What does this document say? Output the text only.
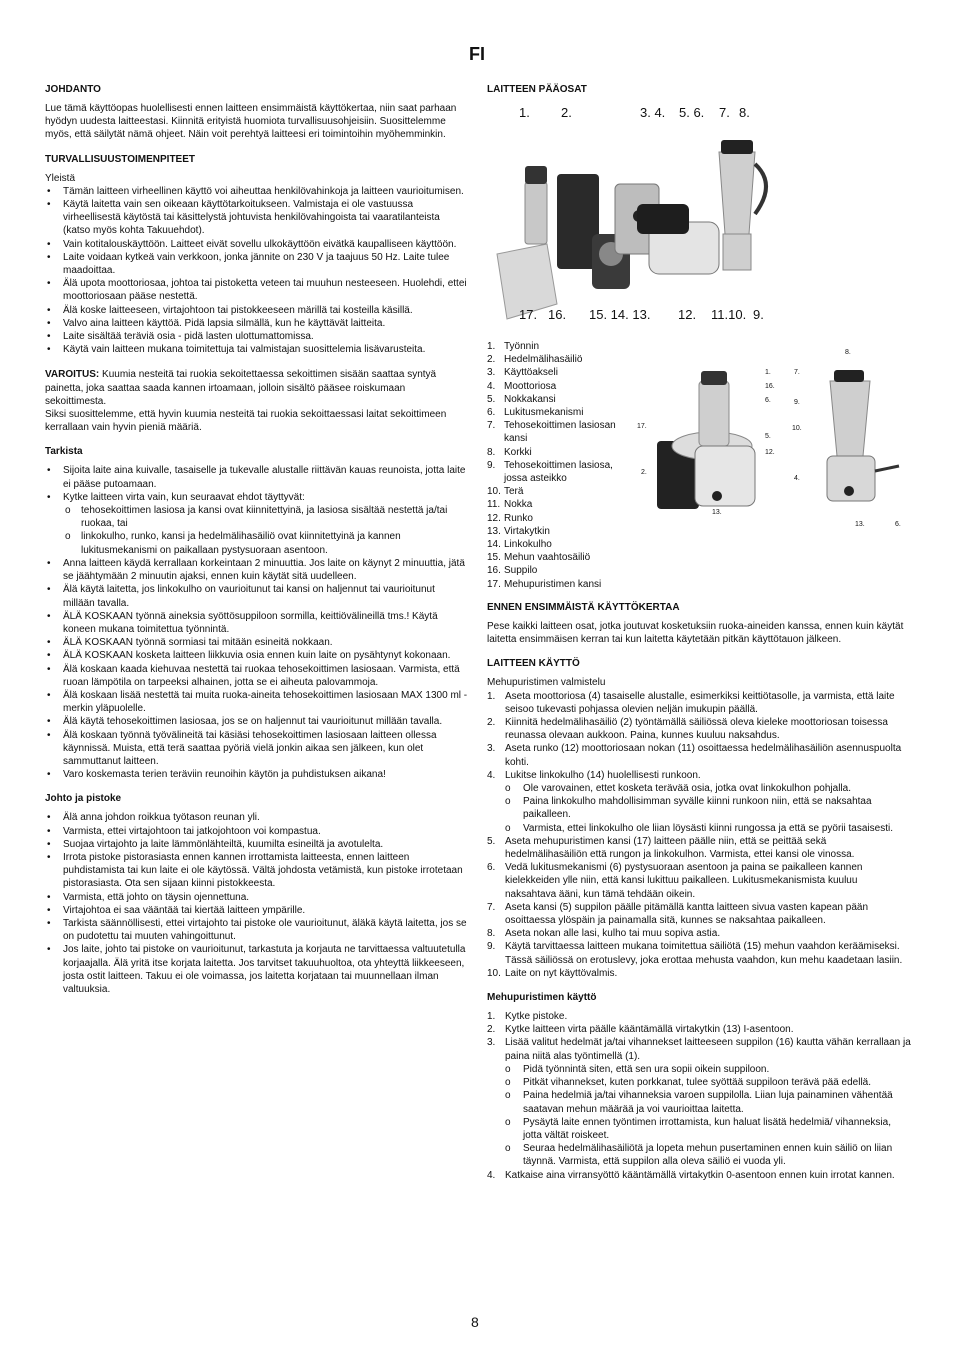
FI
JOHDANTO

Lue tämä käyttöopas huolellisesti ennen laitteen ensimmäistä käyttökertaa, niin saat parhaan hyödyn uudesta laitteestasi. Kiinnitä erityistä huomiota turvallisuusohjeisiin. Suosittelemme myös, että säilytät nämä ohjeet. Näin voit perehtyä laitteesi eri toimintoihin myöhemminkin.

TURVALLISUUSTOIMENPITEET

Yleistä

• Tämän laitteen virheellinen käyttö voi aiheuttaa henkilövahinkoja ja laitteen vaurioitumisen.
• Käytä laitetta vain sen oikeaan käyttötarkoitukseen. Valmistaja ei ole vastuussa virheellisestä käytöstä tai käsittelystä johtuvista henkilövahingoista tai vaaratilanteista (katso myös kohta Takuuehdot).
• Vain kotitalouskäyttöön. Laitteet eivät sovellu ulkokäyttöön eivätkä kaupalliseen käyttöön.
• Laite voidaan kytkeä vain verkkoon, jonka jännite on 230 V ja taajuus 50 Hz. Laite tulee maadoittaa.
• Älä upota moottoriosaa, johtoa tai pistoketta veteen tai muuhun nesteeseen. Huolehdi, ettei moottoriosaan pääse nestettä.
• Älä koske laitteeseen, virtajohtoon tai pistokkeeseen märillä tai kosteilla käsillä.
• Valvo aina laitteen käyttöä. Pidä lapsia silmällä, kun he käyttävät laitteita.
• Laite sisältää teräviä osia - pidä lasten ulottumattomissa.
• Käytä vain laitteen mukana toimitettuja tai valmistajan suosittelemia lisävarusteita.

VAROITUS: Kuumia nesteitä tai ruokia sekoitettaessa sekoittimen sisään saattaa syntyä painetta, joka saattaa saada kannen irtoamaan, jolloin sisältö pääsee roiskumaan sekoittimesta.

Siksi suosittelemme, että hyvin kuumia nesteitä tai ruokia sekoittaessasi laitat sekoittimeen kerrallaan vain hyvin pieniä määriä.

Tarkista
• Sijoita laite aina kuivalle, tasaiselle ja tukevalle alustalle riittävän kauas reunoista, jotta laite ei pääse putoamaan.
• Kytke laitteen virta vain, kun seuraavat ehdot täyttyvät:
o tehosekoittimen lasiosa ja kansi ovat kiinnitettyinä, ja lasiosa sisältää nestettä ja/tai ruokaa, tai
o linkokulho, runko, kansi ja hedelmälihasäiliö ovat kiinnitettyinä ja kannen lukitusmekanismi on paikallaan pystysuoraan asentoon.
• Anna laitteen käydä kerrallaan korkeintaan 2 minuuttia. Jos laite on käynyt 2 minuuttia, jätä se jäähtymään 2 minuutin ajaksi, ennen kuin käytät sitä uudelleen.
• Älä käytä laitetta, jos linkokulho on vaurioitunut tai kansi on haljennut tai vaurioitunut millään tavalla.
• ÄLÄ KOSKAAN työnnä aineksia syöttösuppiloon sormilla, keittiövälineillä tms.! Käytä koneen mukana toimitettua työnnintä.
• ÄLÄ KOSKAAN työnnä sormiasi tai mitään esineitä nokkaan.
• ÄLÄ KOSKAAN kosketa laitteen liikkuvia osia ennen kuin laite on pysähtynyt kokonaan.
• Älä koskaan kaada kiehuvaa nestettä tai ruokaa tehosekoittimen lasiosaan. Varmista, että ruoan lämpötila on tarpeeksi alhainen, jotta se ei aiheuta palovammoja.
• Älä koskaan lisää nestettä tai muita ruoka-aineita tehosekoittimen lasiosaan MAX 1300 ml -merkin yläpuolelle.
• Älä käytä tehosekoittimen lasiosaa, jos se on haljennut tai vaurioitunut millään tavalla.
• Älä koskaan työnnä työvälineitä tai käsiäsi tehosekoittimen lasiosaan laitteen ollessa käynnissä. Muista, että terä saattaa pyöriä vielä jonkin aikaa sen jälkeen, kun olet sammuttanut laitteen.
• Varo koskemasta terien teräviin reunoihin käytön ja puhdistuksen aikana!
Johto ja pistoke
• Älä anna johdon roikkua työtason reunan yli.
• Varmista, ettei virtajohtoon tai jatkojohtoon voi kompastua.
• Suojaa virtajohto ja laite lämmönlähteiltä, kuumilta esineiltä ja avotulelta.
• Irrota pistoke pistorasiasta ennen kannen irrottamista laitteesta, ennen laitteen puhdistamista tai kun laite ei ole käytössä. Vältä johdosta vetämistä, kun pistoke irrotetaan pistorasiasta. Ota sen sijaan kiinni pistokkeesta.
• Varmista, että johto on täysin ojennettuna.
• Virtajohtoa ei saa vääntää tai kiertää laitteen ympärille.
• Tarkista säännöllisesti, ettei virtajohto tai pistoke ole vaurioitunut, äläkä käytä laitetta, jos se on pudotettu tai muuten vahingoittunut.
• Jos laite, johto tai pistoke on vaurioitunut, tarkastuta ja korjauta ne tarvittaessa valtuutetulla korjaajalla. Älä yritä itse korjata laitetta. Jos tarvitset takuuhuoltoa, ota yhteyttä liikkeeseen, josta ostit laitteen. Takuu ei ole voimassa, jos laitetta korjataan tai muunnellaan ilman valtuuksia.
LAITTEEN PÄÄOSAT
1. 2.	3. 4. 5. 6. 7. 8.
17. 16. 15. 14. 13. 12. 11.10. 9.
1. Työnnin
2. Hedelmälihasäiliö
3. Käyttöakseli
4. Moottoriosa
5. Nokkakansi
6. Lukitusmekanismi
7. Tehosekoittimen lasiosan kansi
8. Korkki
9. Tehosekoittimen lasiosa, jossa asteikko
10. Terä
11. Nokka
12. Runko
13. Virtakytkin
14. Linkokulho
15. Mehun vaahtosäiliö
16. Suppilo
17. Mehupuristimen kansi
1.
16.
6.
17.
5.
12.
2.
13.
8.
7.
9.
10.
4.
13.	6.
ENNEN ENSIMMÄISTÄ KÄYTTÖKERTAA

Pese kaikki laitteen osat, jotka joutuvat kosketuksiin ruoka-aineiden kanssa, ennen kuin käytät laitetta ensimmäisen kerran tai kun laitetta käytetään pitkän käyttötauon jälkeen.

LAITTEEN KÄYTTÖ

Mehupuristimen valmistelu

1. Aseta moottoriosa (4) tasaiselle alustalle, esimerkiksi keittiötasolle, ja varmista, että laite seisoo tukevasti pohjassa olevien neljän imukupin päällä.
2. Kiinnitä hedelmälihasäiliö (2) työntämällä säiliössä oleva kieleke moottoriosan toisessa reunassa olevaan aukkoon. Paina, kunnes kuuluu naksahdus.
3. Aseta runko (12) moottoriosaan nokan (11) osoittaessa hedelmälihasäiliön asennuspuolta kohti.
4. Lukitse linkokulho (14) huolellisesti runkoon.
o Ole varovainen, ettet kosketa terävää osia, jotka ovat linkokulhon pohjalla.
o Paina linkokulho mahdollisimman syvälle kiinni runkoon niin, että se naksahtaa paikalleen.
o Varmista, ettei linkokulho ole liian löysästi kiinni rungossa ja että se pyörii tasaisesti.
5. Aseta mehupuristimen kansi (17) laitteen päälle niin, että se peittää sekä hedelmälihasäiliön että rungon ja linkokulhon. Varmista, ettei kansi ole vinossa.
6. Vedä lukitusmekanismi (6) pystysuoraan asentoon ja paina se paikalleen kannen kielekkeiden ylle niin, että kansi lukittuu paikalleen. Lukitusmekanismista kuuluu naksahtava ääni, kun tämä tehdään oikein.
7. Aseta kansi (5) suppilon päälle pitämällä kantta laitteen sivua vasten kapean pään osoittaessa ylöspäin ja painamalla sitä, kunnes se naksahtaa paikalleen.
8. Aseta nokan alle lasi, kulho tai muu sopiva astia.
9. Käytä tarvittaessa laitteen mukana toimitettua säiliötä (15) mehun vaahdon keräämiseksi. Tässä säiliössä on erotuslevy, joka erottaa mehusta vaahdon, kun mehu kaadetaan lasiin.
10. Laite on nyt käyttövalmis.
Mehupuristimen käyttö
1. Kytke pistoke.
2. Kytke laitteen virta päälle kääntämällä virtakytkin (13) I-asentoon.
3. Lisää valitut hedelmät ja/tai vihannekset laitteeseen suppilon (16) kautta vähän kerrallaan ja paina niitä alas työntimellä (1).
o Pidä työnnintä siten, että sen ura sopii oikein suppiloon.
o Pitkät vihannekset, kuten porkkanat, tulee syöttää suppiloon terävä pää edellä.
o Paina hedelmiä ja/tai vihanneksia varoen suppilolla. Liian luja painaminen vähentää saatavan mehun määrää ja voi vaurioittaa laitetta.
o Pysäytä laite ennen työntimen irrottamista, kun haluat lisätä hedelmiä/ vihanneksia, jotta vältät roiskeet.
o Seuraa hedelmälihasäiliötä ja lopeta mehun pusertaminen ennen kuin säiliö on liian täynnä. Varmista, että suppilon alla oleva säiliö ei vuoda yli.
4. Katkaise aina virransyöttö kääntämällä virtakytkin 0-asentoon ennen kuin irrotat kannen.
8
